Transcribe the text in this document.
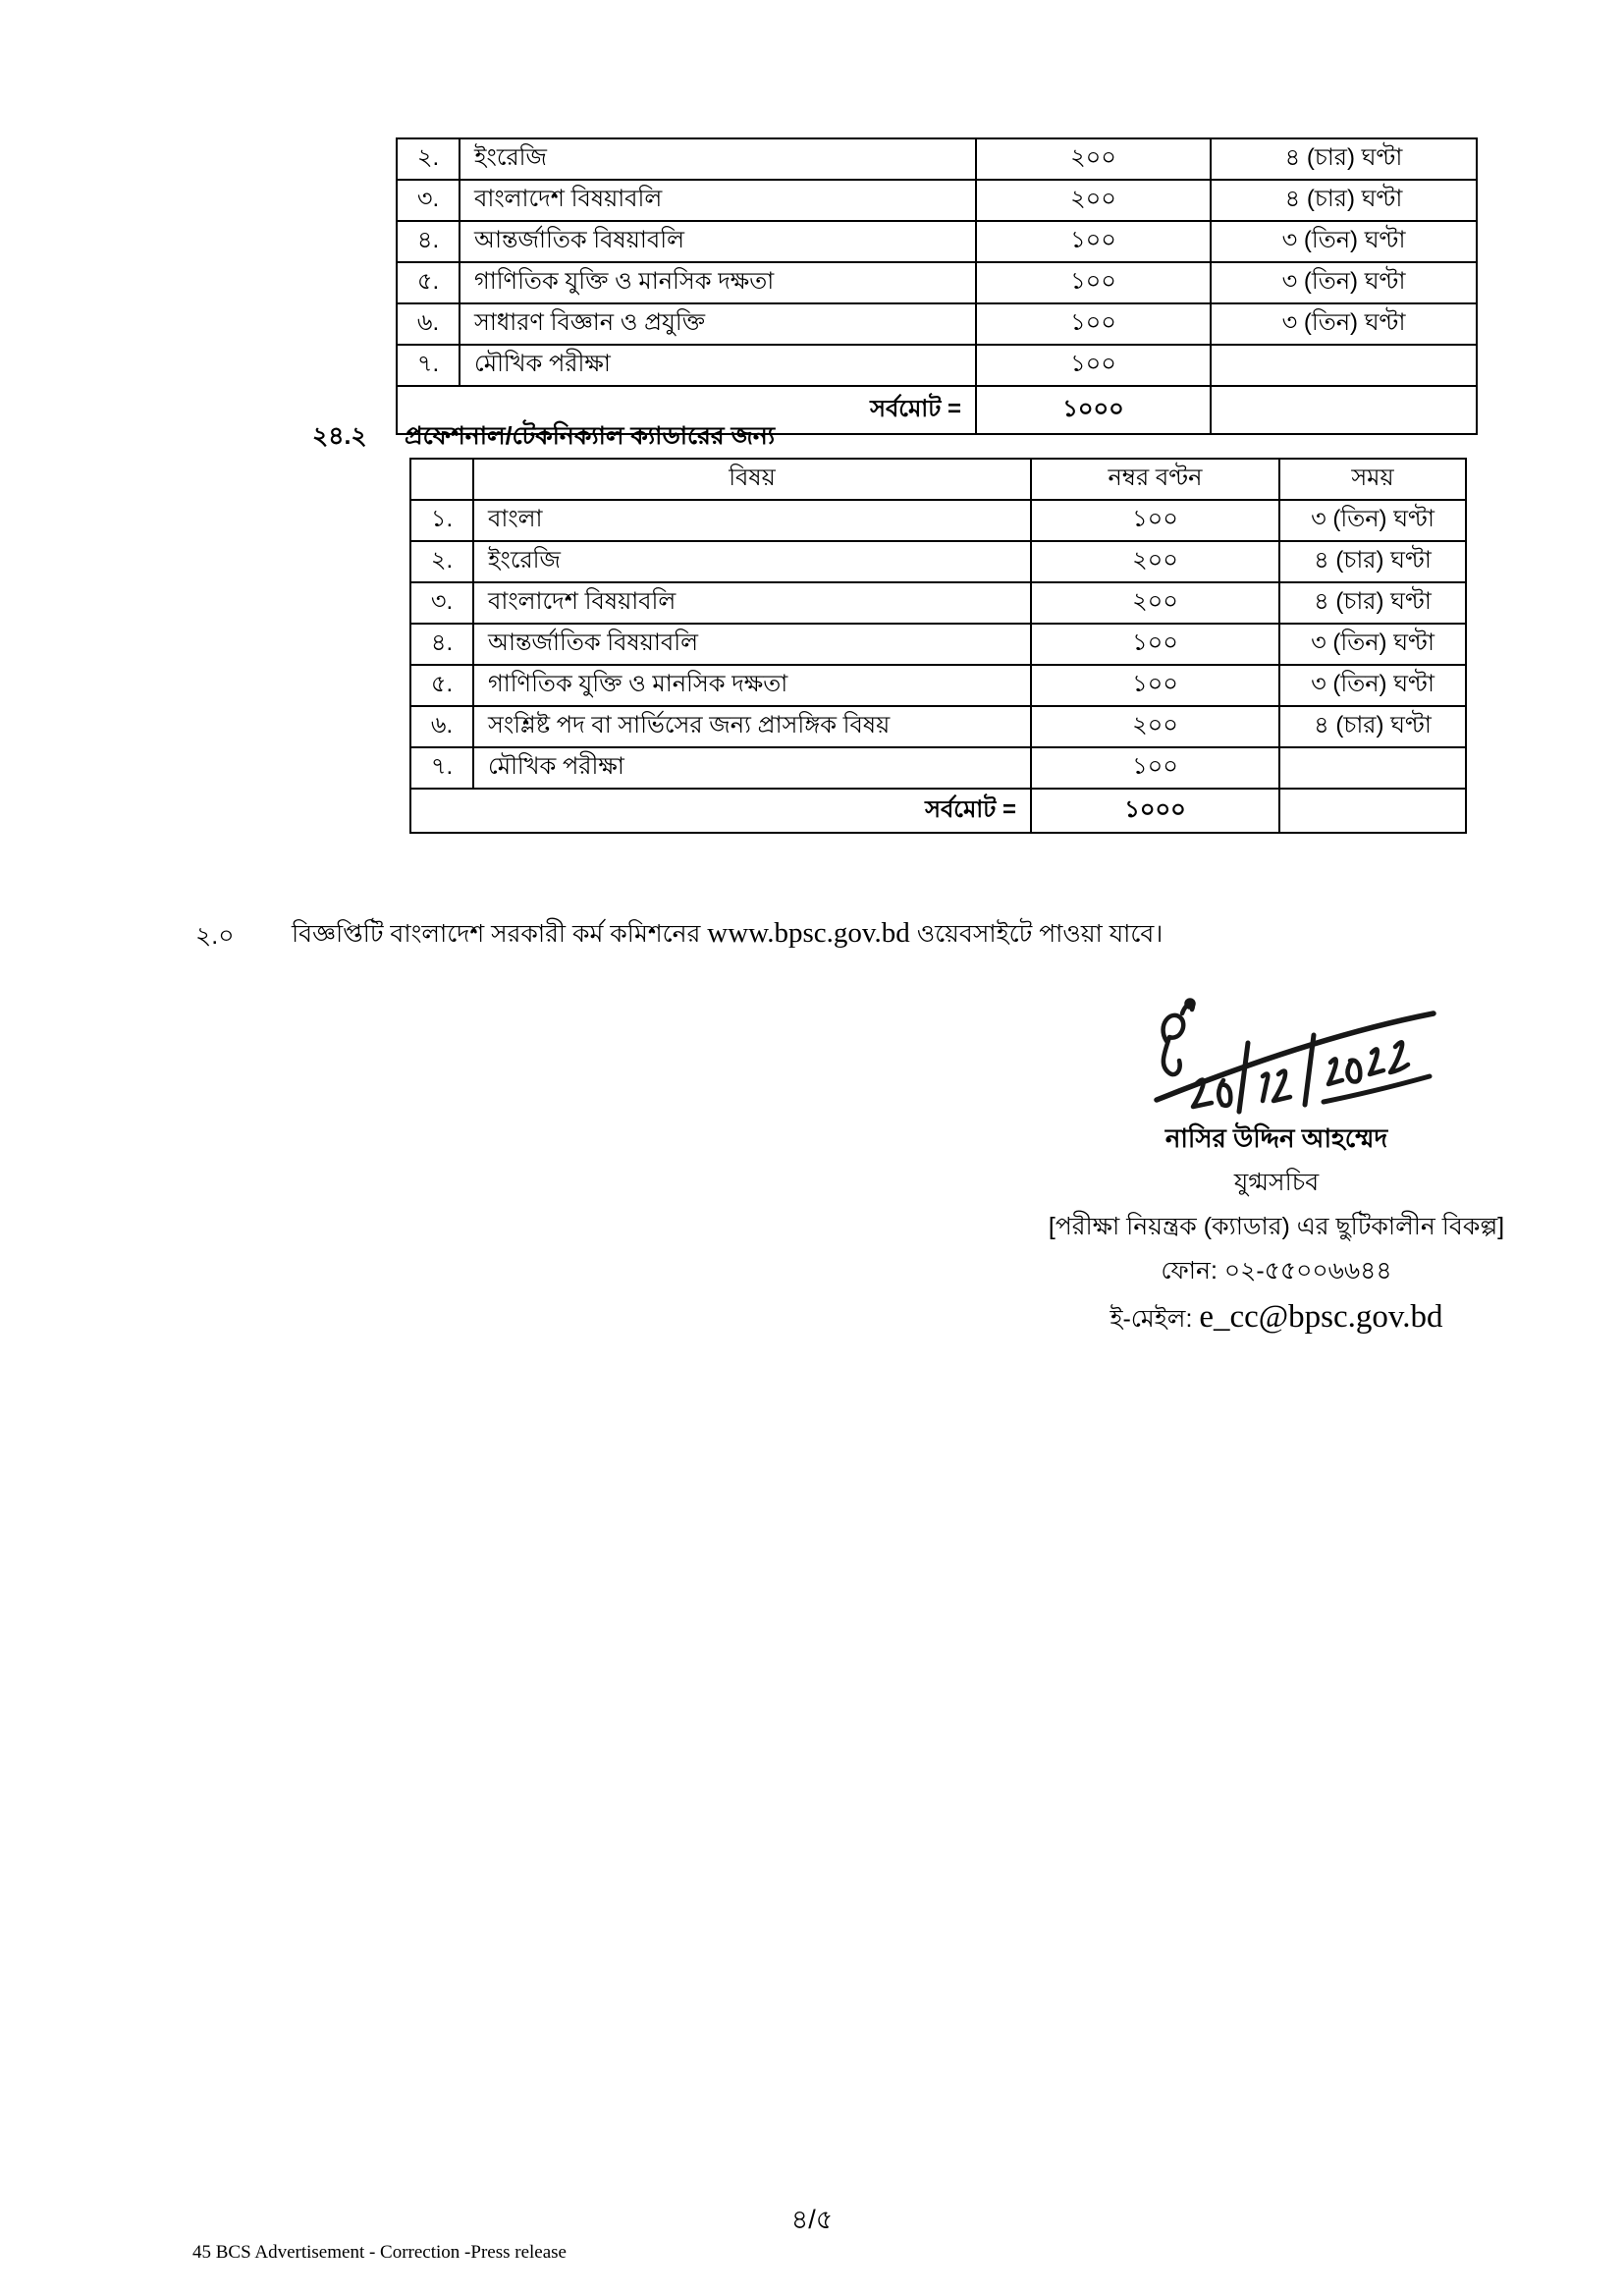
২.	ইংরেজি	২০০	৪ (চার) ঘণ্টা
৩.	বাংলাদেশ বিষয়াবলি	২০০	৪ (চার) ঘণ্টা
৪.	আন্তর্জাতিক বিষয়াবলি	১০০	৩ (তিন) ঘণ্টা
৫.	গাণিতিক যুক্তি ও মানসিক দক্ষতা	১০০	৩ (তিন) ঘণ্টা
৬.	সাধারণ বিজ্ঞান ও প্রযুক্তি	১০০	৩ (তিন) ঘণ্টা
৭.	মৌখিক পরীক্ষা	১০০	
সর্বমোট =		১০০০	
২৪.২ প্রফেশনাল/টেকনিক্যাল ক্যাডারের জন্য
	বিষয়	নম্বর বণ্টন	সময়
১.	বাংলা	১০০	৩ (তিন) ঘণ্টা
২.	ইংরেজি	২০০	৪ (চার) ঘণ্টা
৩.	বাংলাদেশ বিষয়াবলি	২০০	৪ (চার) ঘণ্টা
৪.	আন্তর্জাতিক বিষয়াবলি	১০০	৩ (তিন) ঘণ্টা
৫.	গাণিতিক যুক্তি ও মানসিক দক্ষতা	১০০	৩ (তিন) ঘণ্টা
৬.	সংশ্লিষ্ট পদ বা সার্ভিসের জন্য প্রাসঙ্গিক বিষয়	২০০	৪ (চার) ঘণ্টা
৭.	মৌখিক পরীক্ষা	১০০	
সর্বমোট =		১০০০	
২.০ বিজ্ঞপ্তিটি বাংলাদেশ সরকারী কর্ম কমিশনের www.bpsc.gov.bd ওয়েবসাইটে পাওয়া যাবে।
নাসির উদ্দিন আহম্মেদ
যুগ্মসচিব
[পরীক্ষা নিয়ন্ত্রক (ক্যাডার) এর ছুটিকালীন বিকল্প]
ফোন: ০২-৫৫০০৬৬৪৪
ই-মেইল: e_cc@bpsc.gov.bd
৪/৫
45 BCS Advertisement - Correction -Press release
